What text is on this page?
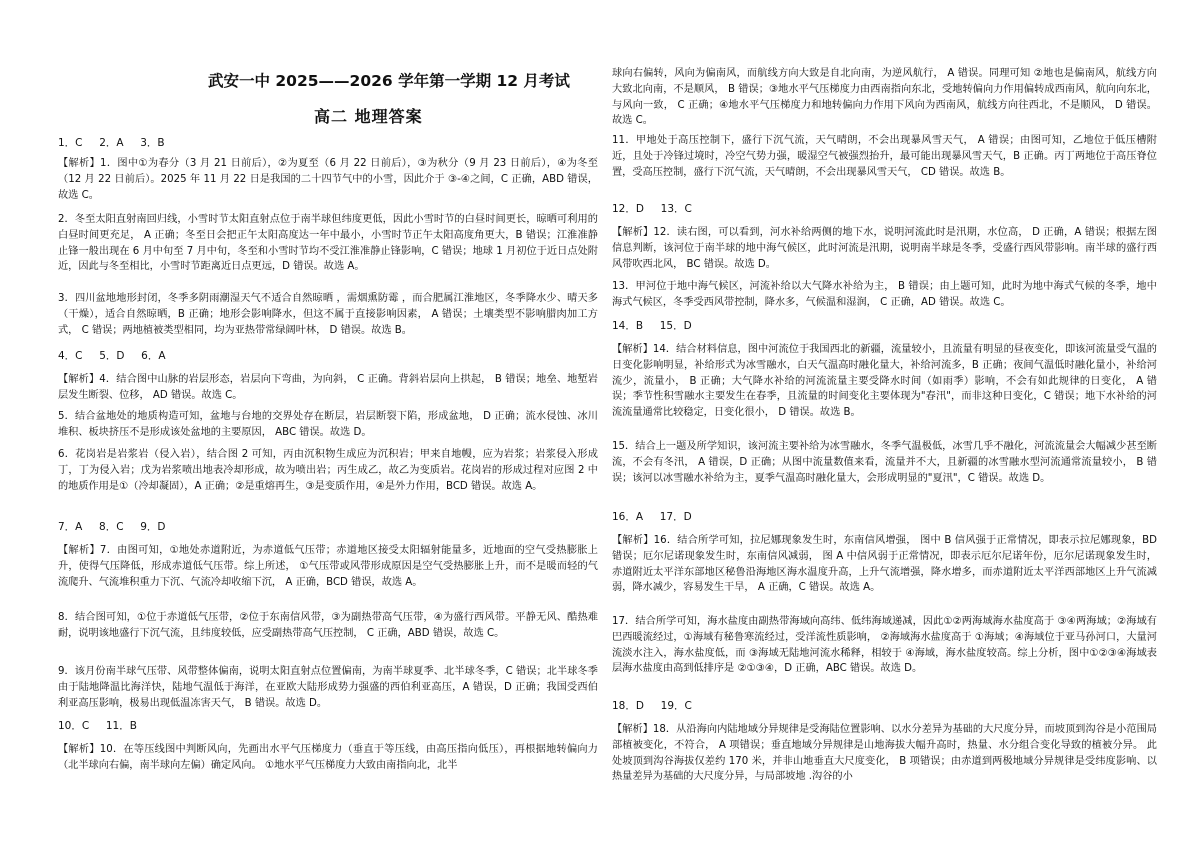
武安一中 2025——2026 学年第一学期 12 月考试
高二 地理答案
1．C     2．A     3．B

【解析】1．图中①为春分（3 月 21 日前后），②为夏至（6 月 22 日前后），③为秋分（9 月 23 日前后），④为冬至（12 月 22 日前后）。2025 年 11 月 22 日是我国的二十四节气中的小雪，因此介于 ③-④之间，C 正确，ABD 错误，故选 C。

2．冬至太阳直射南回归线，小雪时节太阳直射点位于南半球但纬度更低，因此小雪时节的白昼时间更长，晾晒可利用的白昼时间更充足， A 正确；冬至日会把正午太阳高度达一年中最小，小雪时节正午太阳高度角更大，B 错误；江淮准静止锋一般出现在 6 月中旬至 7 月中旬，冬至和小雪时节均不受江淮准静止锋影响，C 错误；地球 1 月初位于近日点处附近，因此与冬至相比，小雪时节距离近日点更远，D 错误。故选 A。

3．四川盆地地形封闭，冬季多阴雨潮湿天气不适合自然晾晒 ，需烟熏防霉 ，而合肥属江淮地区，冬季降水少、晴天多（干燥），适合自然晾晒，B 正确；地形会影响降水，但这不属于直接影响因素， A 错误；土壤类型不影响腊肉加工方式， C 错误；两地植被类型相同，均为亚热带常绿阔叶林， D 错误。故选 B。

4．C     5．D     6．A

【解析】4．结合图中山脉的岩层形态，岩层向下弯曲，为向斜， C 正确。背斜岩层向上拱起， B 错误；地垒、地堑岩层发生断裂、位移， AD 错误。故选 C。

5．结合盆地处的地质构造可知，盆地与台地的交界处存在断层，岩层断裂下陷，形成盆地， D 正确；流水侵蚀、冰川堆积、板块挤压不是形成该处盆地的主要原因， ABC 错误。故选 D。

6．花岗岩是岩浆岩（侵入岩），结合图 2 可知，丙由沉积物生成应为沉积岩；甲来自地幔，应为岩浆；岩浆侵入形成丁，丁为侵入岩；戊为岩浆喷出地表冷却形成，故为喷出岩；丙生成乙，故乙为变质岩。花岗岩的形成过程对应图 2 中的地质作用是①（冷却凝固），A 正确；②是重熔再生，③是变质作用，④是外力作用，BCD 错误。故选 A。

7．A     8．C     9．D

【解析】7．由图可知，①地处赤道附近，为赤道低气压带；赤道地区接受太阳辐射能量多，近地面的空气受热膨胀上升，使得气压降低，形成赤道低气压带。综上所述， ①气压带或风带形成原因是空气受热膨胀上升，而不是暖而轻的气流爬升、气流堆积重力下沉、气流冷却收缩下沉， A 正确，BCD 错误，故选 A。

8．结合图可知，①位于赤道低气压带，②位于东南信风带，③为副热带高气压带，④为盛行西风带。平静无风、酷热难耐，说明该地盛行下沉气流，且纬度较低，应受副热带高气压控制， C 正确，ABD 错误，故选 C。

9．该月份南半球气压带、风带整体偏南，说明太阳直射点位置偏南，为南半球夏季、北半球冬季，C 错误；北半球冬季由于陆地降温比海洋快，陆地气温低于海洋，在亚欧大陆形成势力强盛的西伯利亚高压，A 错误，D 正确；我国受西伯利亚高压影响，极易出现低温冻害天气， B 错误。故选 D。

10．C     11．B

【解析】10．在等压线图中判断风向，先画出水平气压梯度力（垂直于等压线，由高压指向低压），再根据地转偏向力（北半球向右偏，南半球向左偏）确定风向。 ①地水平气压梯度力大致由南指向北，北半

球向右偏转，风向为偏南风，而航线方向大致是自北向南，为逆风航行， A 错误。同理可知 ②地也是偏南风，航线方向大致北向南，不是顺风， B 错误；③地水平气压梯度力由西南指向东北，受地转偏向力作用偏转成西南风，航向向东北，与风向一致， C 正确；④地水平气压梯度力和地转偏向力作用下风向为西南风，航线方向往西北，不是顺风， D 错误。故选 C。

11．甲地处于高压控制下，盛行下沉气流，天气晴朗，不会出现暴风雪天气， A 错误；由图可知，乙地位于低压槽附近，且处于冷锋过境时，冷空气势力强，暖湿空气被强烈抬升，最可能出现暴风雪天气，B 正确。丙丁两地位于高压脊位置，受高压控制，盛行下沉气流，天气晴朗，不会出现暴风雪天气， CD 错误。故选 B。

12．D     13．C

【解析】12．读右图，可以看到，河水补给两侧的地下水，说明河流此时是汛期，水位高， D 正确，A 错误；根据左图信息判断，该河位于南半球的地中海气候区，此时河流是汛期，说明南半球是冬季，受盛行西风带影响。南半球的盛行西风带吹西北风， BC 错误。故选 D。

13．甲河位于地中海气候区，河流补给以大气降水补给为主， B 错误；由上题可知，此时为地中海式气候的冬季，地中海式气候区，冬季受西风带控制，降水多，气候温和湿润， C 正确，AD 错误。故选 C。

14．B     15．D

【解析】14．结合材料信息，图中河流位于我国西北的新疆，流量较小，且流量有明显的昼夜变化，即该河流量受气温的日变化影响明显，补给形式为冰雪融水，白天气温高时融化量大，补给河流多，B 正确；夜间气温低时融化量小，补给河流少，流量小， B 正确；大气降水补给的河流流量主要受降水时间（如雨季）影响，不会有如此规律的日变化， A 错误；季节性积雪融水主要发生在春季，且流量的时间变化主要体现为"春汛"，而非这种日变化，C 错误；地下水补给的河流流量通常比较稳定，日变化很小， D 错误。故选 B。

15．结合上一题及所学知识，该河流主要补给为冰雪融水，冬季气温极低，冰雪几乎不融化，河流流量会大幅减少甚至断流，不会有冬汛， A 错误，D 正确；从图中流量数值来看，流量并不大，且新疆的冰雪融水型河流通常流量较小， B 错误；该河以冰雪融水补给为主，夏季气温高时融化量大，会形成明显的"夏汛"，C 错误。故选 D。

16．A     17．D

【解析】16．结合所学可知，拉尼娜现象发生时，东南信风增强， 图中 B 信风强于正常情况，即表示拉尼娜现象，BD 错误；厄尔尼诺现象发生时，东南信风减弱， 图 A 中信风弱于正常情况，即表示厄尔尼诺年份，厄尔尼诺现象发生时，赤道附近太平洋东部地区秘鲁沿海地区海水温度升高，上升气流增强，降水增多，而赤道附近太平洋西部地区上升气流减弱，降水减少，容易发生干旱， A 正确，C 错误。故选 A。

17．结合所学可知，海水盐度由副热带海域向高纬、低纬海域递减，因此①②两海域海水盐度高于 ③④两海域；②海域有巴西暖流经过，①海域有秘鲁寒流经过，受洋流性质影响， ②海域海水盐度高于 ①海域；④海域位于亚马孙河口，大量河流淡水注入，海水盐度低，而 ③海域无陆地河流水稀释，相较于 ④海域，海水盐度较高。综上分析，图中①②③④海域表层海水盐度由高到低排序是 ②①③④，D 正确，ABC 错误。故选 D。

18．D     19．C

【解析】18．从沿海向内陆地域分异规律是受海陆位置影响、以水分差异为基础的大尺度分异，而坡顶到沟谷是小范围局部植被变化，不符合， A 项错误；垂直地域分异规律是山地海拔大幅升高时，热量、水分组合变化导致的植被分异。 此处坡顶到沟谷海拔仅差约 170 米，并非山地垂直大尺度变化， B 项错误；由赤道到两极地域分异规律是受纬度影响、以热量差异为基础的大尺度分异，与局部坡地 .沟谷的小
